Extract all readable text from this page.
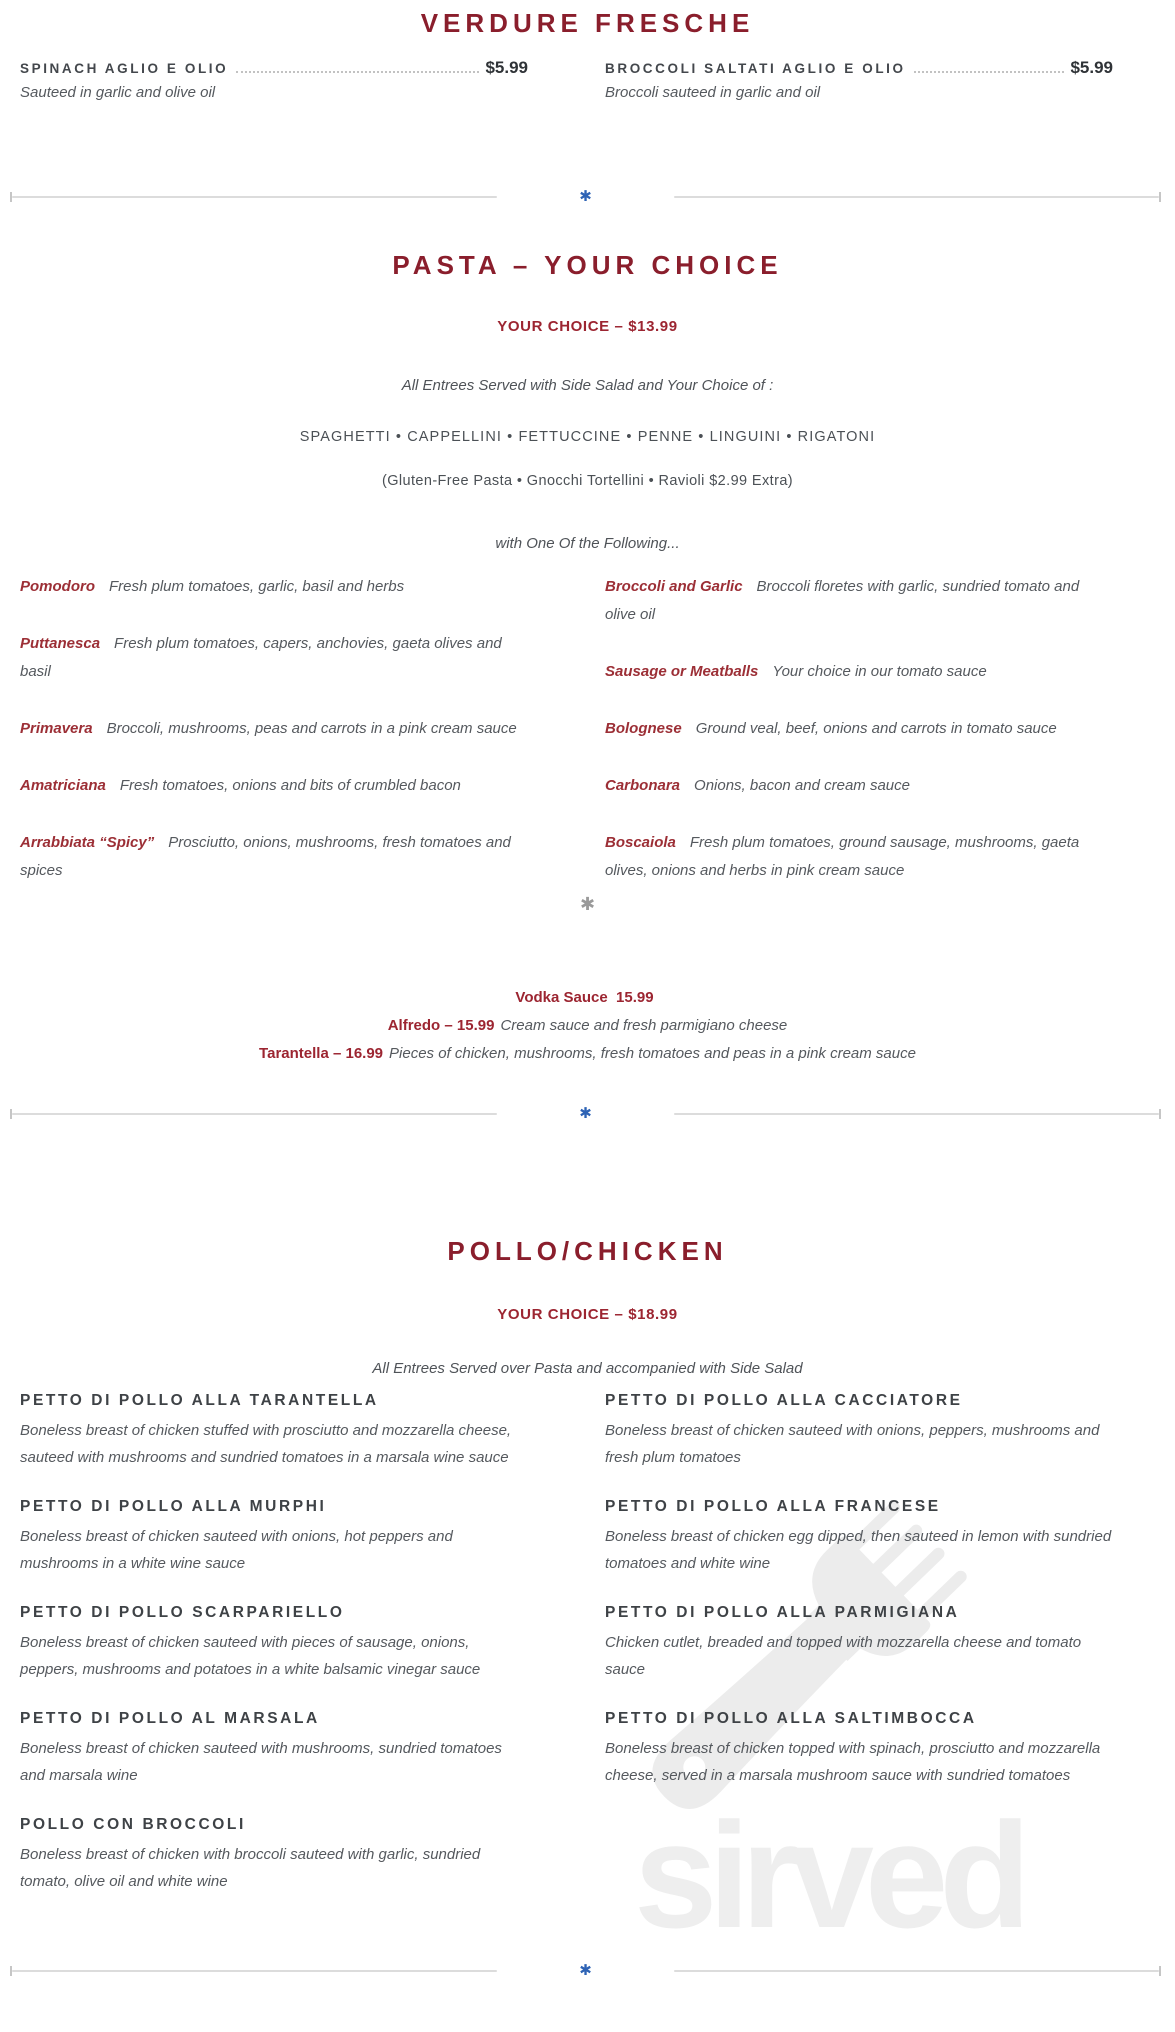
sirved
VERDURE FRESCHE
SPINACH AGLIO E OLIO	$5.99
Sauteed in garlic and olive oil
BROCCOLI SALTATI AGLIO E OLIO	$5.99
Broccoli sauteed in garlic and oil
✱
PASTA – YOUR CHOICE
YOUR CHOICE – $13.99
All Entrees Served with Side Salad and Your Choice of :
SPAGHETTI • CAPPELLINI • FETTUCCINE • PENNE • LINGUINI • RIGATONI
(Gluten-Free Pasta • Gnocchi Tortellini • Ravioli $2.99 Extra)
with One Of the Following...
Pomodoro Fresh plum tomatoes, garlic, basil and herbs
Puttanesca Fresh plum tomatoes, capers, anchovies, gaeta olives and basil
Primavera Broccoli, mushrooms, peas and carrots in a pink cream sauce
Amatriciana Fresh tomatoes, onions and bits of crumbled bacon
Arrabbiata “Spicy” Prosciutto, onions, mushrooms, fresh tomatoes and spices
Broccoli and Garlic Broccoli floretes with garlic, sundried tomato and olive oil
Sausage or Meatballs Your choice in our tomato sauce
Bolognese Ground veal, beef, onions and carrots in tomato sauce
Carbonara Onions, bacon and cream sauce
Boscaiola Fresh plum tomatoes, ground sausage, mushrooms, gaeta olives, onions and herbs in pink cream sauce
✱
Vodka Sauce  15.99
Alfredo – 15.99 Cream sauce and fresh parmigiano cheese
Tarantella – 16.99 Pieces of chicken, mushrooms, fresh tomatoes and peas in a pink cream sauce
✱
POLLO/CHICKEN
YOUR CHOICE – $18.99
All Entrees Served over Pasta and accompanied with Side Salad
PETTO DI POLLO ALLA TARANTELLA
Boneless breast of chicken stuffed with prosciutto and mozzarella cheese, sauteed with mushrooms and sundried tomatoes in a marsala wine sauce
PETTO DI POLLO ALLA MURPHI
Boneless breast of chicken sauteed with onions, hot peppers and mushrooms in a white wine sauce
PETTO DI POLLO SCARPARIELLO
Boneless breast of chicken sauteed with pieces of sausage, onions, peppers, mushrooms and potatoes in a white balsamic vinegar sauce
PETTO DI POLLO AL MARSALA
Boneless breast of chicken sauteed with mushrooms, sundried tomatoes and marsala wine
POLLO CON BROCCOLI
Boneless breast of chicken with broccoli sauteed with garlic, sundried tomato, olive oil and white wine
PETTO DI POLLO ALLA CACCIATORE
Boneless breast of chicken sauteed with onions, peppers, mushrooms and fresh plum tomatoes
PETTO DI POLLO ALLA FRANCESE
Boneless breast of chicken egg dipped, then sauteed in lemon with sundried tomatoes and white wine
PETTO DI POLLO ALLA PARMIGIANA
Chicken cutlet, breaded and topped with mozzarella cheese and tomato sauce
PETTO DI POLLO ALLA SALTIMBOCCA
Boneless breast of chicken topped with spinach, prosciutto and mozzarella cheese, served in a marsala mushroom sauce with sundried tomatoes
✱
